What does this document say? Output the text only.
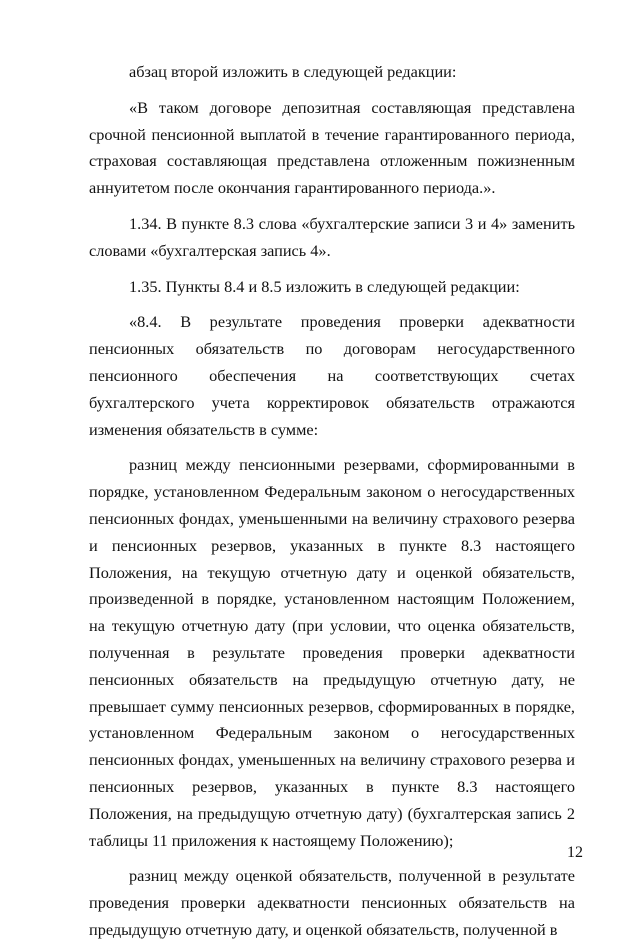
абзац второй изложить в следующей редакции:

«В таком договоре депозитная составляющая представлена срочной пенсионной выплатой в течение гарантированного периода, страховая составляющая представлена отложенным пожизненным аннуитетом после окончания гарантированного периода.».

1.34. В пункте 8.3 слова «бухгалтерские записи 3 и 4» заменить словами «бухгалтерская запись 4».

1.35. Пункты 8.4 и 8.5 изложить в следующей редакции:

«8.4. В результате проведения проверки адекватности пенсионных обязательств по договорам негосударственного пенсионного обеспечения на соответствующих счетах бухгалтерского учета корректировок обязательств отражаются изменения обязательств в сумме:

разниц между пенсионными резервами, сформированными в порядке, установленном Федеральным законом о негосударственных пенсионных фондах, уменьшенными на величину страхового резерва и пенсионных резервов, указанных в пункте 8.3 настоящего Положения, на текущую отчетную дату и оценкой обязательств, произведенной в порядке, установленном настоящим Положением, на текущую отчетную дату (при условии, что оценка обязательств, полученная в результате проведения проверки адекватности пенсионных обязательств на предыдущую отчетную дату, не превышает сумму пенсионных резервов, сформированных в порядке, установленном Федеральным законом о негосударственных пенсионных фондах, уменьшенных на величину страхового резерва и пенсионных резервов, указанных в пункте 8.3 настоящего Положения, на предыдущую отчетную дату) (бухгалтерская запись 2 таблицы 11 приложения к настоящему Положению);

разниц между оценкой обязательств, полученной в результате проведения проверки адекватности пенсионных обязательств на предыдущую отчетную дату, и оценкой обязательств, полученной в

12
